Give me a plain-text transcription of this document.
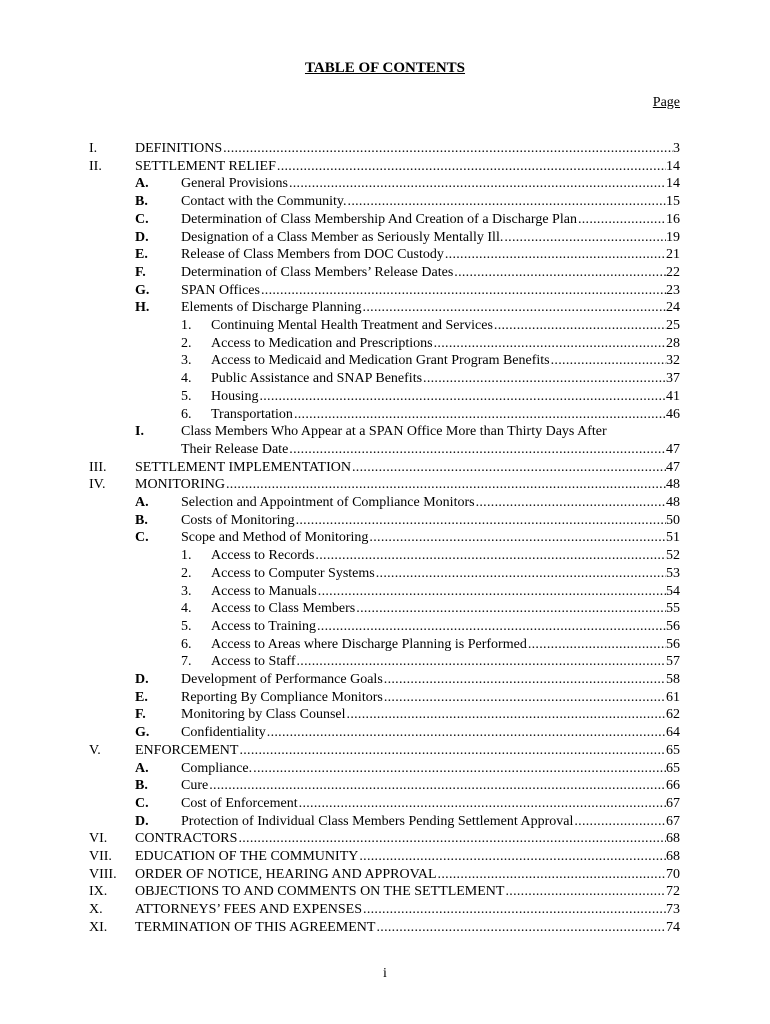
TABLE OF CONTENTS
Page
I.	DEFINITIONS .....	3
II.	SETTLEMENT RELIEF .....	14
A.	General Provisions .....	14
B.	Contact with the Community. .....	15
C.	Determination of Class Membership And Creation of a Discharge Plan .....	16
D.	Designation of a Class Member as Seriously Mentally Ill. .....	19
E.	Release of Class Members from DOC Custody .....	21
F.	Determination of Class Members’ Release Dates .....	22
G.	SPAN Offices .....	23
H.	Elements of Discharge Planning .....	24
1.	Continuing Mental Health Treatment and Services .....	25
2.	Access to Medication and Prescriptions .....	28
3.	Access to Medicaid and Medication Grant Program Benefits .....	32
4.	Public Assistance and SNAP Benefits .....	37
5.	Housing .....	41
6.	Transportation .....	46
I.	Class Members Who Appear at a SPAN Office More than Thirty Days After
Their Release Date .....	47
III.	SETTLEMENT IMPLEMENTATION .....	47
IV.	MONITORING .....	48
A.	Selection and Appointment of Compliance Monitors .....	48
B.	Costs of Monitoring .....	50
C.	Scope and Method of Monitoring .....	51
1.	Access to Records .....	52
2.	Access to Computer Systems .....	53
3.	Access to Manuals .....	54
4.	Access to Class Members .....	55
5.	Access to Training .....	56
6.	Access to Areas where Discharge Planning is Performed .....	56
7.	Access to Staff .....	57
D.	Development of Performance Goals .....	58
E.	Reporting By Compliance Monitors .....	61
F.	Monitoring by Class Counsel .....	62
G.	Confidentiality .....	64
V.	ENFORCEMENT .....	65
A.	Compliance. .....	65
B.	Cure .....	66
C.	Cost of Enforcement .....	67
D.	Protection of Individual Class Members Pending Settlement Approval .....	67
VI.	CONTRACTORS .....	68
VII.	EDUCATION OF THE COMMUNITY .....	68
VIII.	ORDER OF NOTICE, HEARING AND APPROVAL .....	70
IX.	OBJECTIONS TO AND COMMENTS ON THE SETTLEMENT .....	72
X.	ATTORNEYS’ FEES AND EXPENSES .....	73
XI.	TERMINATION OF THIS AGREEMENT .....	74
i
